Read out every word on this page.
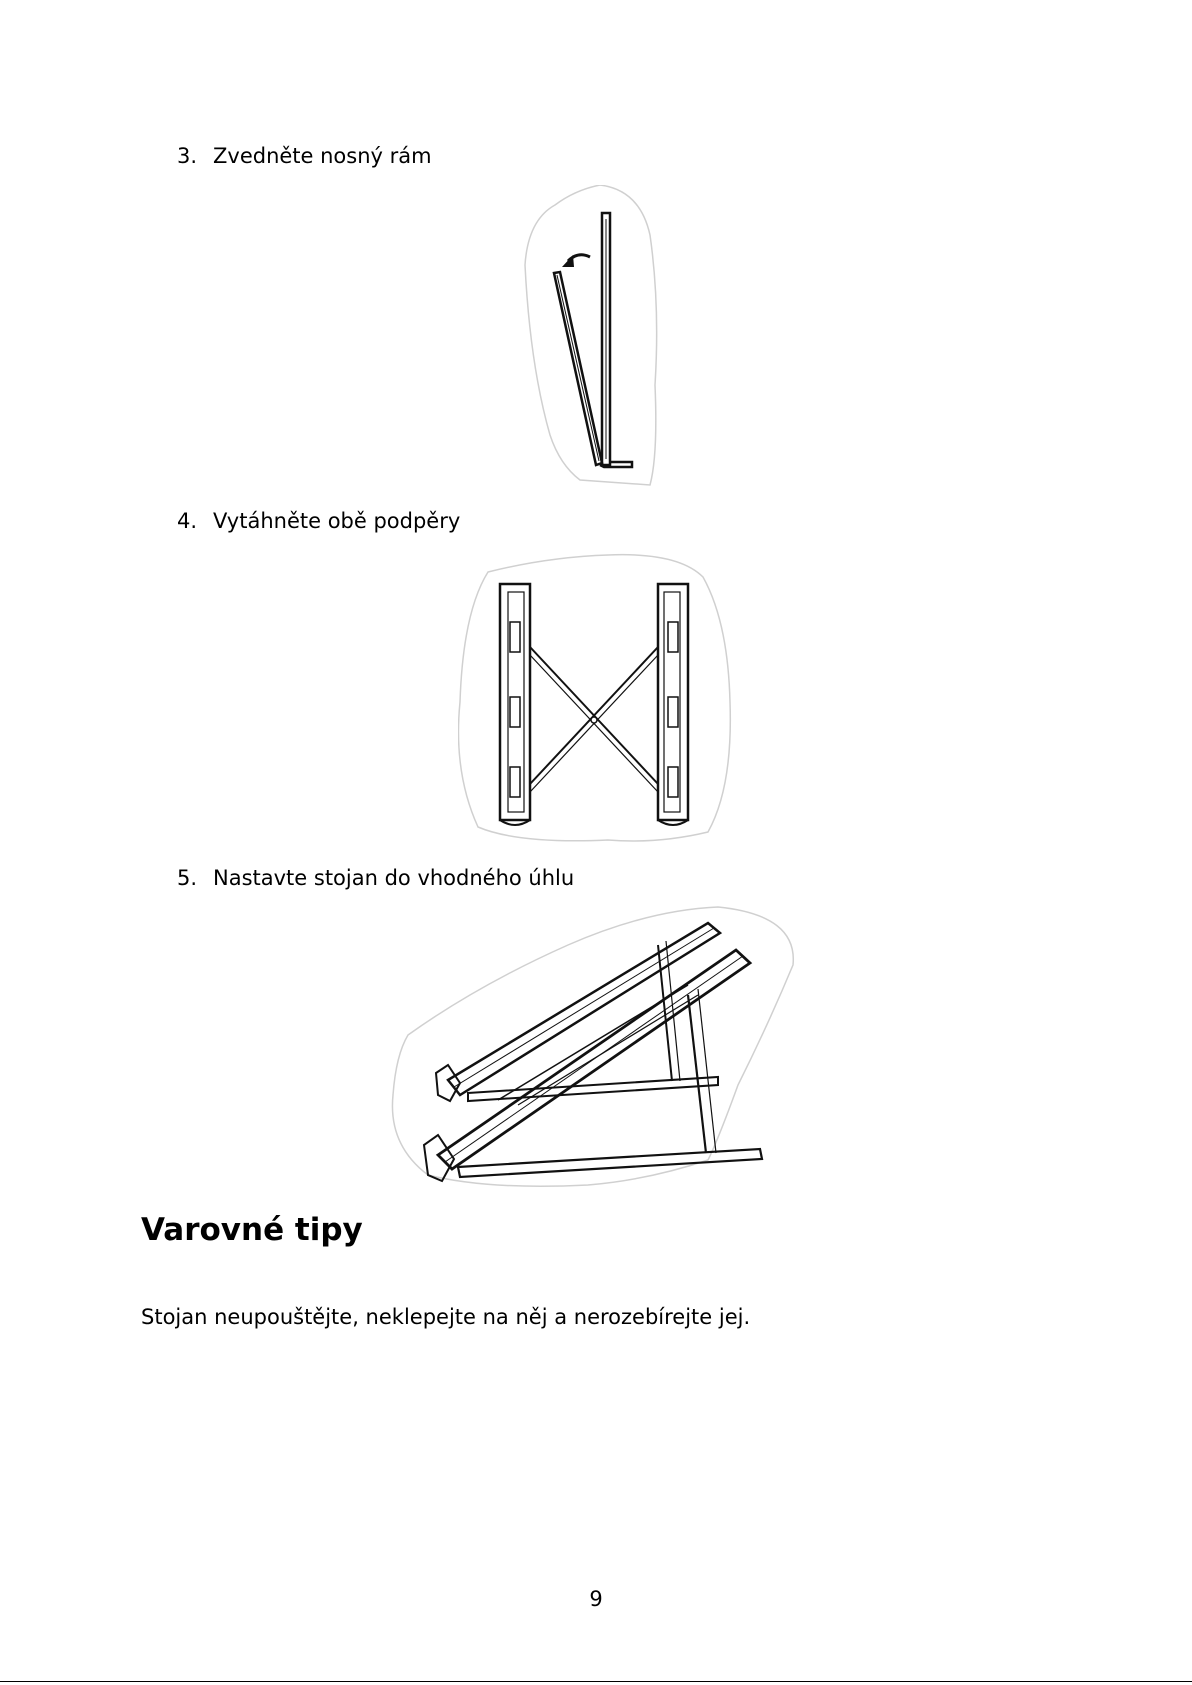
3. Zvedněte nosný rám
4. Vytáhněte obě podpěry
5. Nastavte stojan do vhodného úhlu
Varovné tipy

Stojan neupouštějte, neklepejte na něj a nerozebírejte jej.

9
